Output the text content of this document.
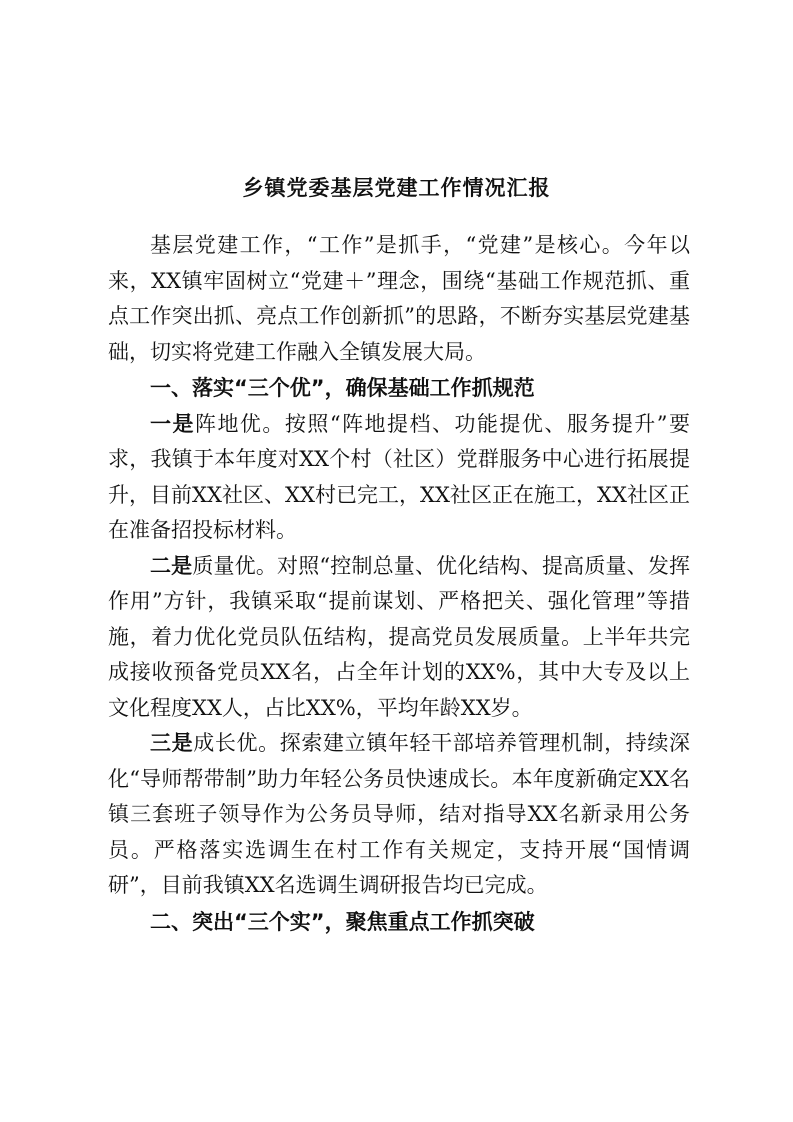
乡镇党委基层党建工作情况汇报

基层党建工作，“工作”是抓手，“党建”是核心。今年以来，XX镇牢固树立“党建＋”理念，围绕“基础工作规范抓、重点工作突出抓、亮点工作创新抓”的思路，不断夯实基层党建基础，切实将党建工作融入全镇发展大局。

一、落实“三个优”，确保基础工作抓规范

一是阵地优。按照“阵地提档、功能提优、服务提升”要求，我镇于本年度对XX个村（社区）党群服务中心进行拓展提升，目前XX社区、XX村已完工，XX社区正在施工，XX社区正在准备招投标材料。

二是质量优。对照“控制总量、优化结构、提高质量、发挥作用”方针，我镇采取“提前谋划、严格把关、强化管理”等措施，着力优化党员队伍结构，提高党员发展质量。上半年共完成接收预备党员XX名，占全年计划的XX%，其中大专及以上文化程度XX人，占比XX%，平均年龄XX岁。

三是成长优。探索建立镇年轻干部培养管理机制，持续深化“导师帮带制”助力年轻公务员快速成长。本年度新确定XX名镇三套班子领导作为公务员导师，结对指导XX名新录用公务员。严格落实选调生在村工作有关规定，支持开展“国情调研”，目前我镇XX名选调生调研报告均已完成。

二、突出“三个实”，聚焦重点工作抓突破
